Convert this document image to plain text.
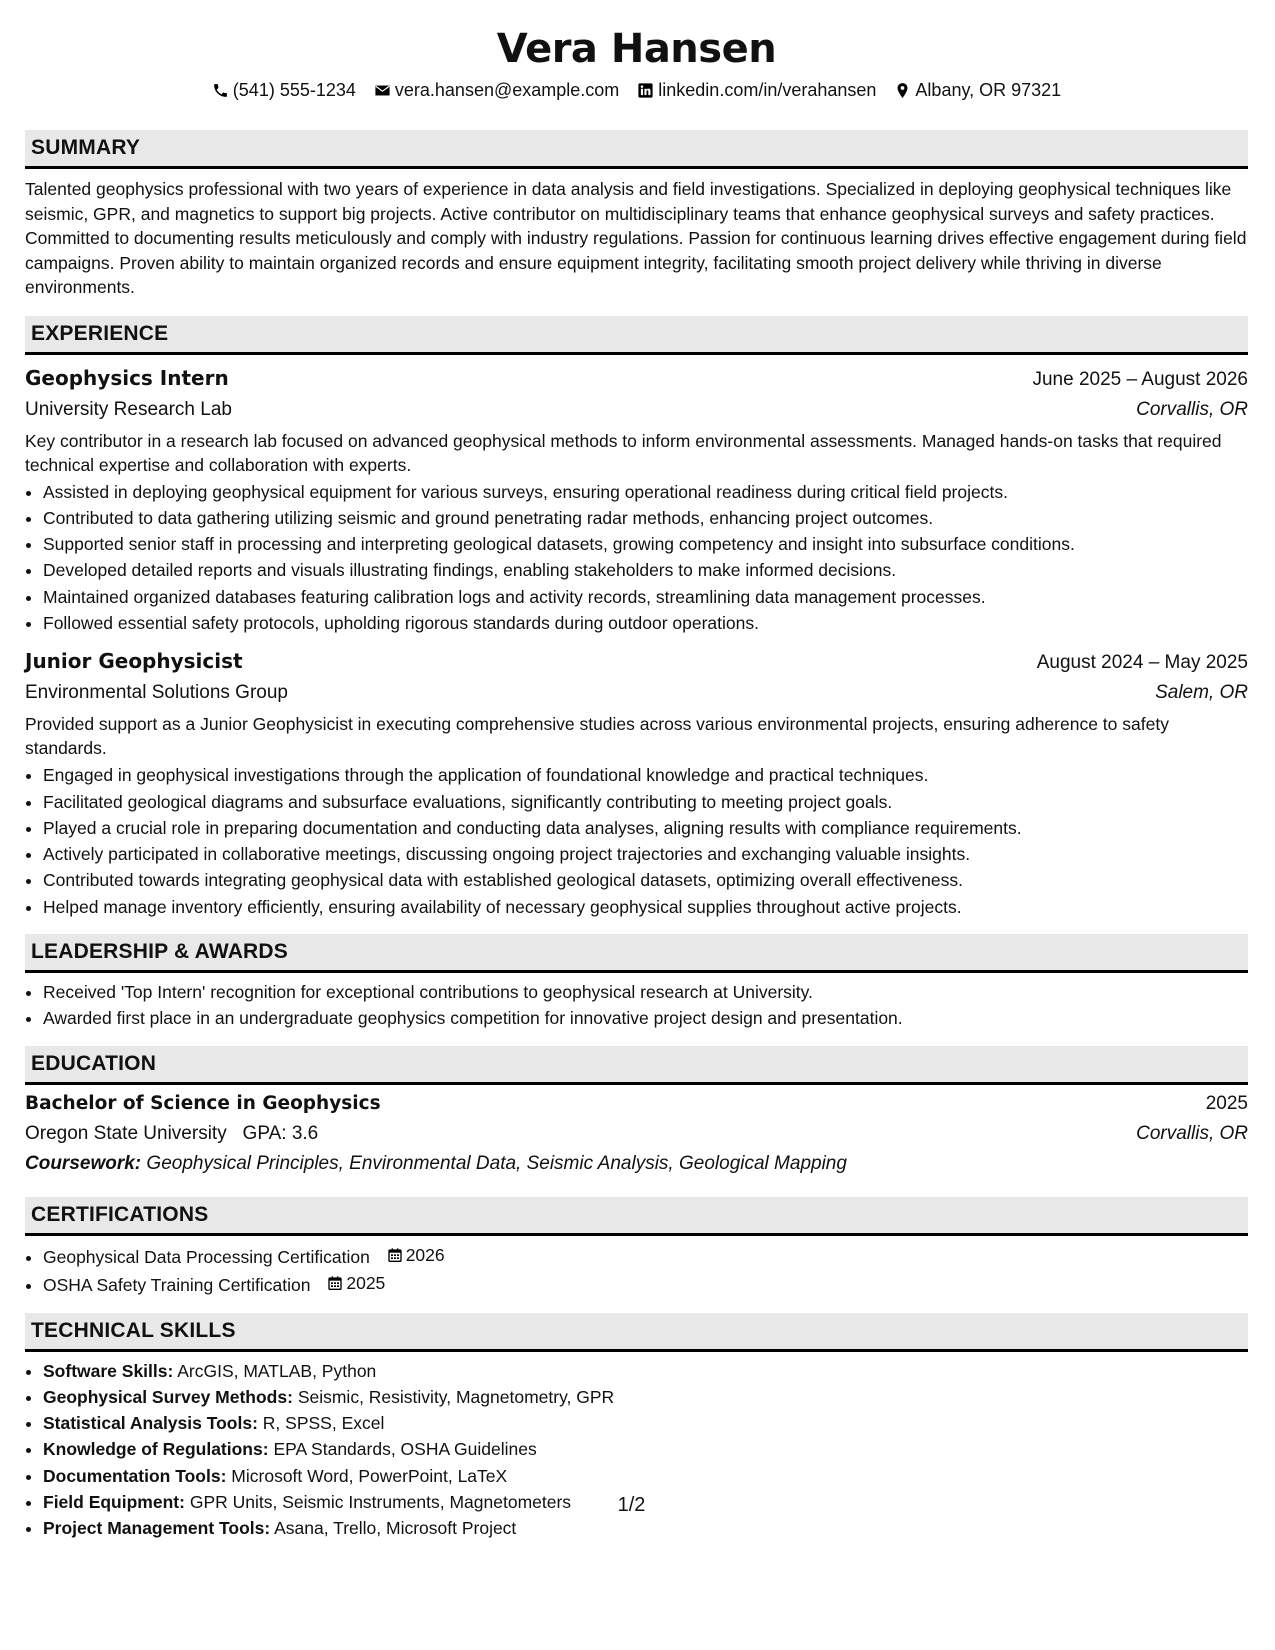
Vera Hansen
(541) 555-1234 vera.hansen@example.com linkedin.com/in/verahansen Albany, OR 97321
SUMMARY
Talented geophysics professional with two years of experience in data analysis and field investigations. Specialized in deploying geophysical techniques like seismic, GPR, and magnetics to support big projects. Active contributor on multidisciplinary teams that enhance geophysical surveys and safety practices. Committed to documenting results meticulously and comply with industry regulations. Passion for continuous learning drives effective engagement during field campaigns. Proven ability to maintain organized records and ensure equipment integrity, facilitating smooth project delivery while thriving in diverse environments.
EXPERIENCE
Geophysics Intern	June 2025 – August 2026
University Research Lab	Corvallis, OR
Key contributor in a research lab focused on advanced geophysical methods to inform environmental assessments. Managed hands-on tasks that required technical expertise and collaboration with experts.
• Assisted in deploying geophysical equipment for various surveys, ensuring operational readiness during critical field projects.
• Contributed to data gathering utilizing seismic and ground penetrating radar methods, enhancing project outcomes.
• Supported senior staff in processing and interpreting geological datasets, growing competency and insight into subsurface conditions.
• Developed detailed reports and visuals illustrating findings, enabling stakeholders to make informed decisions.
• Maintained organized databases featuring calibration logs and activity records, streamlining data management processes.
• Followed essential safety protocols, upholding rigorous standards during outdoor operations.
Junior Geophysicist	August 2024 – May 2025
Environmental Solutions Group	Salem, OR
Provided support as a Junior Geophysicist in executing comprehensive studies across various environmental projects, ensuring adherence to safety standards.
• Engaged in geophysical investigations through the application of foundational knowledge and practical techniques.
• Facilitated geological diagrams and subsurface evaluations, significantly contributing to meeting project goals.
• Played a crucial role in preparing documentation and conducting data analyses, aligning results with compliance requirements.
• Actively participated in collaborative meetings, discussing ongoing project trajectories and exchanging valuable insights.
• Contributed towards integrating geophysical data with established geological datasets, optimizing overall effectiveness.
• Helped manage inventory efficiently, ensuring availability of necessary geophysical supplies throughout active projects.
LEADERSHIP & AWARDS
• Received 'Top Intern' recognition for exceptional contributions to geophysical research at University.
• Awarded first place in an undergraduate geophysics competition for innovative project design and presentation.
EDUCATION
Bachelor of Science in Geophysics	2025
Oregon State University GPA: 3.6	Corvallis, OR
Coursework: Geophysical Principles, Environmental Data, Seismic Analysis, Geological Mapping
CERTIFICATIONS
• Geophysical Data Processing Certification 2026
• OSHA Safety Training Certification 2025
TECHNICAL SKILLS
• Software Skills: ArcGIS, MATLAB, Python
• Geophysical Survey Methods: Seismic, Resistivity, Magnetometry, GPR
• Statistical Analysis Tools: R, SPSS, Excel
• Knowledge of Regulations: EPA Standards, OSHA Guidelines
• Documentation Tools: Microsoft Word, PowerPoint, LaTeX
• Field Equipment: GPR Units, Seismic Instruments, Magnetometers
• Project Management Tools: Asana, Trello, Microsoft Project
1/2
